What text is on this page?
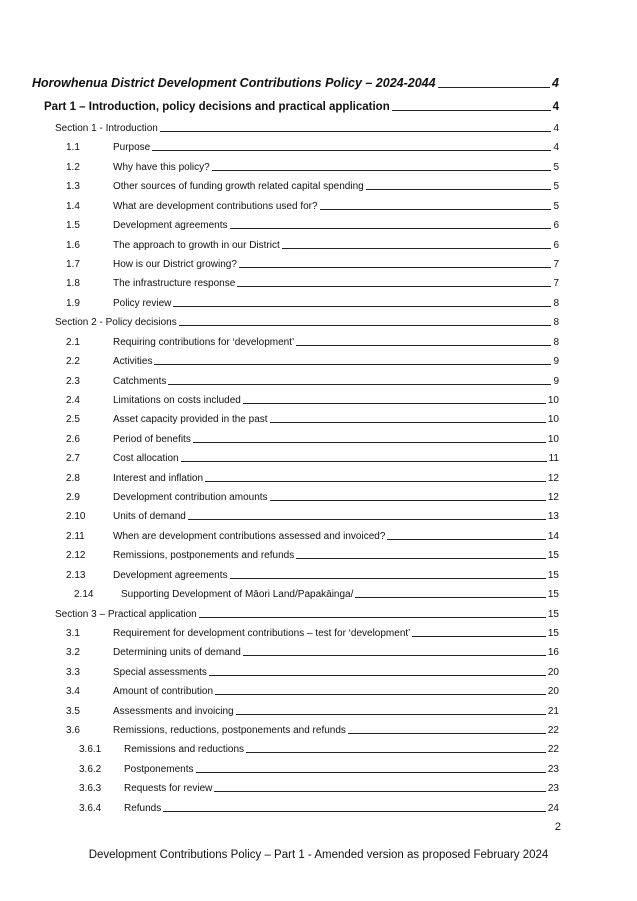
Horowhenua District Development Contributions Policy – 2024-2044	4
Part 1 – Introduction, policy decisions and practical application	4
Section 1 - Introduction	4
1.1	Purpose	4
1.2	Why have this policy?	5
1.3	Other sources of funding growth related capital spending	5
1.4	What are development contributions used for?	5
1.5	Development agreements	6
1.6	The approach to growth in our District	6
1.7	How is our District growing?	7
1.8	The infrastructure response	7
1.9	Policy review	8
Section 2 - Policy decisions	8
2.1	Requiring contributions for ‘development’	8
2.2	Activities	9
2.3	Catchments	9
2.4	Limitations on costs included	10
2.5	Asset capacity provided in the past	10
2.6	Period of benefits	10
2.7	Cost allocation	11
2.8	Interest and inflation	12
2.9	Development contribution amounts	12
2.10	Units of demand	13
2.11	When are development contributions assessed and invoiced?	14
2.12	Remissions, postponements and refunds	15
2.13	Development agreements	15
2.14	Supporting Development of Māori Land/Papakāinga/	15
Section 3 – Practical application	15
3.1	Requirement for development contributions – test for ‘development’	15
3.2	Determining units of demand	16
3.3	Special assessments	20
3.4	Amount of contribution	20
3.5	Assessments and invoicing	21
3.6	Remissions, reductions, postponements and refunds	22
3.6.1	Remissions and reductions	22
3.6.2	Postponements	23
3.6.3	Requests for review	23
3.6.4	Refunds	24
2
Development Contributions Policy – Part 1 - Amended version as proposed February 2024
